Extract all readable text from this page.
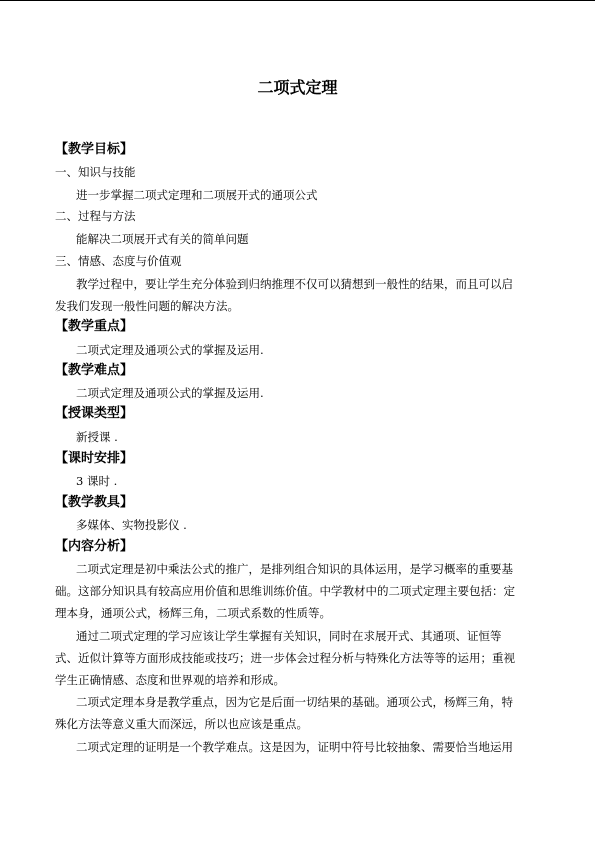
二项式定理
【教学目标】
一、知识与技能
进一步掌握二项式定理和二项展开式的通项公式
二、过程与方法
能解决二项展开式有关的简单问题
三、情感、态度与价值观
教学过程中，要让学生充分体验到归纳推理不仅可以猜想到一般性的结果，而且可以启
发我们发现一般性问题的解决方法。
【教学重点】
二项式定理及通项公式的掌握及运用.
【教学难点】
二项式定理及通项公式的掌握及运用.
【授课类型】
新授课 .
【课时安排】
3 课时 .
【教学教具】
多媒体、实物投影仪 .
【内容分析】
二项式定理是初中乘法公式的推广，是排列组合知识的具体运用，是学习概率的重要基
础。这部分知识具有较高应用价值和思维训练价值。中学教材中的二项式定理主要包括：定
理本身，通项公式，杨辉三角，二项式系数的性质等。
通过二项式定理的学习应该让学生掌握有关知识，同时在求展开式、其通项、证恒等
式、近似计算等方面形成技能或技巧；进一步体会过程分析与特殊化方法等等的运用；重视
学生正确情感、态度和世界观的培养和形成。
二项式定理本身是教学重点，因为它是后面一切结果的基础。通项公式，杨辉三角，特
殊化方法等意义重大而深远，所以也应该是重点。
二项式定理的证明是一个教学难点。这是因为，证明中符号比较抽象、需要恰当地运用
